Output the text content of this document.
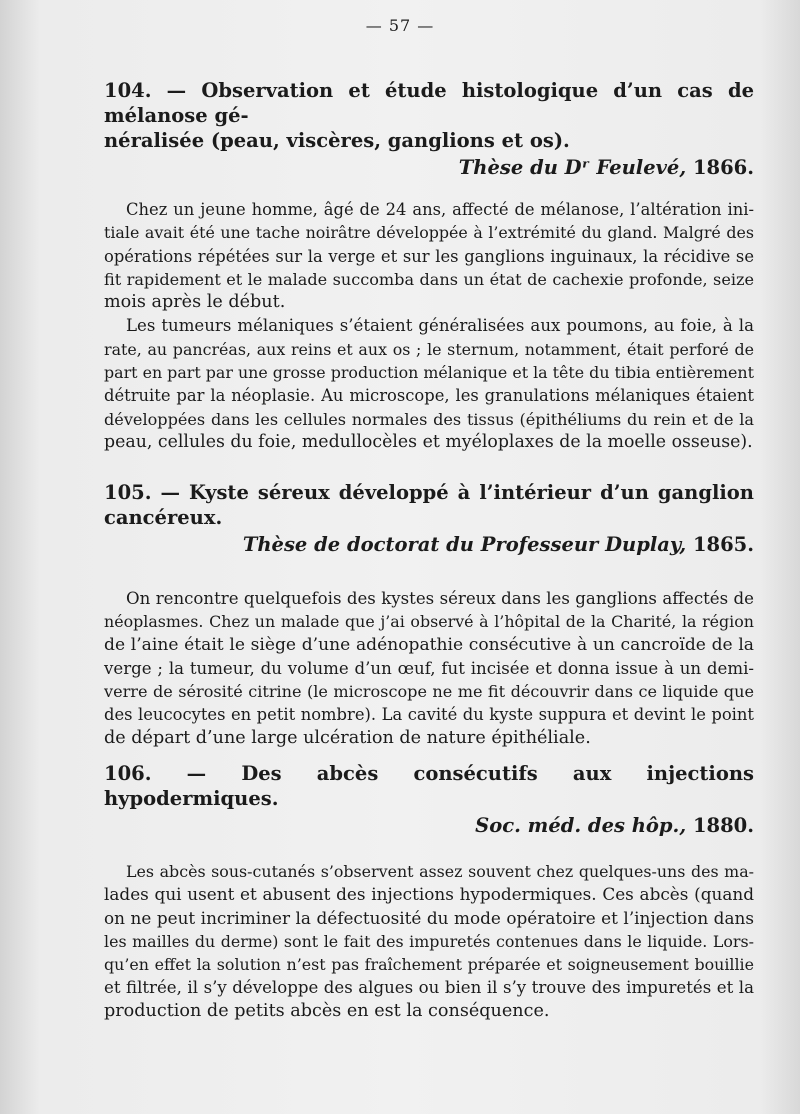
— 57 —
104. — Observation et étude histologique d’un cas de mélanose gé-
néralisée (peau, viscères, ganglions et os).
Thèse du Dʳ Feulevé, 1866.
Chez un jeune homme, âgé de 24 ans, affecté de mélanose, l’altération ini-
tiale avait été une tache noirâtre développée à l’extrémité du gland. Malgré des
opérations répétées sur la verge et sur les ganglions inguinaux, la récidive se
fit rapidement et le malade succomba dans un état de cachexie profonde, seize
mois après le début.
Les tumeurs mélaniques s’étaient généralisées aux poumons, au foie, à la
rate, au pancréas, aux reins et aux os ; le sternum, notamment, était perforé de
part en part par une grosse production mélanique et la tête du tibia entièrement
détruite par la néoplasie. Au microscope, les granulations mélaniques étaient
développées dans les cellules normales des tissus (épithéliums du rein et de la
peau, cellules du foie, medullocèles et myéloplaxes de la moelle osseuse).
105. — Kyste séreux développé à l’intérieur d’un ganglion cancéreux.
Thèse de doctorat du Professeur Duplay, 1865.
On rencontre quelquefois des kystes séreux dans les ganglions affectés de
néoplasmes. Chez un malade que j’ai observé à l’hôpital de la Charité, la région
de l’aine était le siège d’une adénopathie consécutive à un cancroïde de la
verge ; la tumeur, du volume d’un œuf, fut incisée et donna issue à un demi-
verre de sérosité citrine (le microscope ne me fit découvrir dans ce liquide que
des leucocytes en petit nombre). La cavité du kyste suppura et devint le point
de départ d’une large ulcération de nature épithéliale.
106. — Des abcès consécutifs aux injections hypodermiques.
Soc. méd. des hôp., 1880.
Les abcès sous-cutanés s’observent assez souvent chez quelques-uns des ma-
lades qui usent et abusent des injections hypodermiques. Ces abcès (quand
on ne peut incriminer la défectuosité du mode opératoire et l’injection dans
les mailles du derme) sont le fait des impuretés contenues dans le liquide. Lors-
qu’en effet la solution n’est pas fraîchement préparée et soigneusement bouillie
et filtrée, il s’y développe des algues ou bien il s’y trouve des impuretés et la
production de petits abcès en est la conséquence.
